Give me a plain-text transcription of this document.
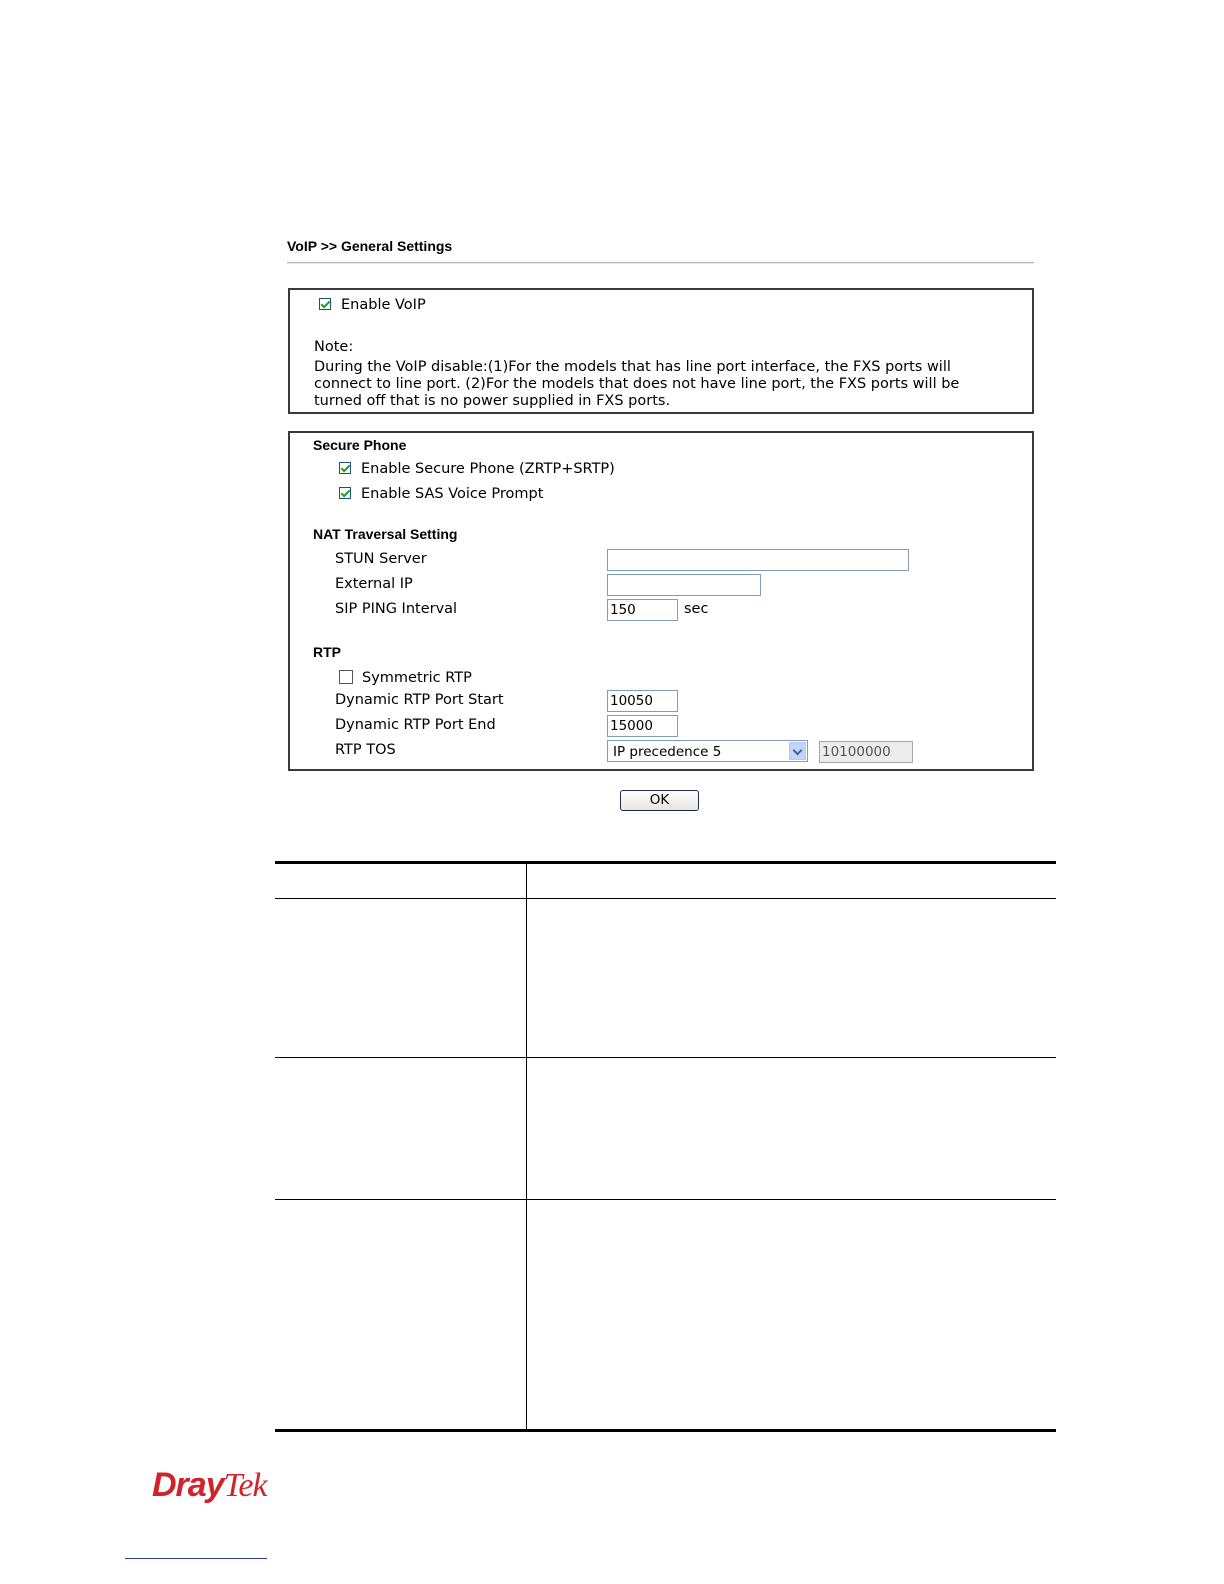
VoIP >> General Settings
Enable VoIP
Note:
During the VoIP disable:(1)For the models that has line port interface, the FXS ports will
connect to line port. (2)For the models that does not have line port, the FXS ports will be
turned off that is no power supplied in FXS ports.
Secure Phone
Enable Secure Phone (ZRTP+SRTP)
Enable SAS Voice Prompt
NAT Traversal Setting
STUN Server
External IP
SIP PING Interval	150	sec
RTP
Symmetric RTP
Dynamic RTP Port Start	10050
Dynamic RTP Port End	15000
RTP TOS	IP precedence 5	10100000
OK
DrayTek
